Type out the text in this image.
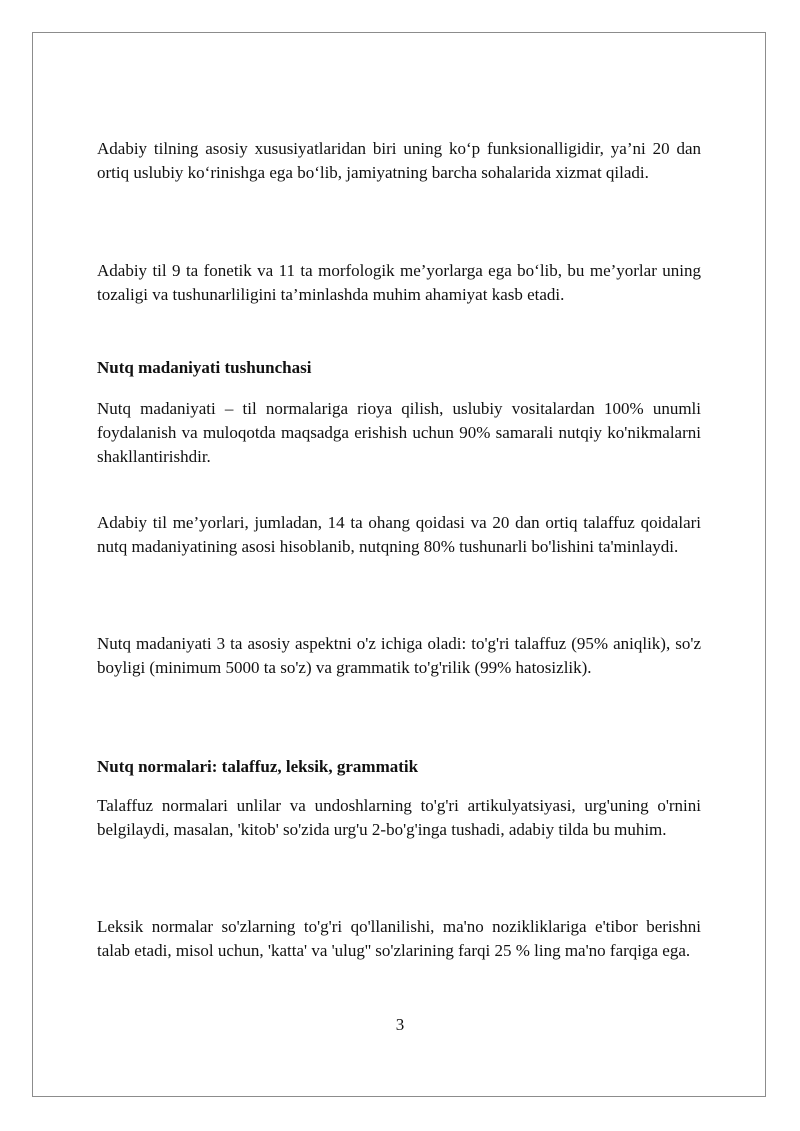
Adabiy tilning asosiy xususiyatlaridan biri uning ko‘p funksionalligidir, ya’ni 20 dan ortiq uslubiy ko‘rinishga ega bo‘lib, jamiyatning barcha sohalarida xizmat qiladi.

Adabiy til 9 ta fonetik va 11 ta morfologik me’yorlarga ega bo‘lib, bu me’yorlar uning tozaligi va tushunarliligini ta’minlashda muhim ahamiyat kasb etadi.

Nutq madaniyati tushunchasi

Nutq madaniyati – til normalariga rioya qilish, uslubiy vositalardan 100% unumli foydalanish va muloqotda maqsadga erishish uchun 90% samarali nutqiy ko'nikmalarni shakllantirishdir.

Adabiy til me’yorlari, jumladan, 14 ta ohang qoidasi va 20 dan ortiq talaffuz qoidalari nutq madaniyatining asosi hisoblanib, nutqning 80% tushunarli bo'lishini ta'minlaydi.

Nutq madaniyati 3 ta asosiy aspektni o'z ichiga oladi: to'g'ri talaffuz (95% aniqlik), so'z boyligi (minimum 5000 ta so'z) va grammatik to'g'rilik (99% hatosizlik).

Nutq normalari: talaffuz, leksik, grammatik

Talaffuz normalari unlilar va undoshlarning to'g'ri artikulyatsiyasi, urg'uning o'rnini belgilaydi, masalan, 'kitob' so'zida urg'u 2-bo'g'inga tushadi, adabiy tilda bu muhim.

Leksik normalar so'zlarning to'g'ri qo'llanilishi, ma'no nozikliklariga e'tibor berishni talab etadi, misol uchun, 'katta' va 'ulug'' so'zlarining farqi 25 % ling ma'no farqiga ega.

3
